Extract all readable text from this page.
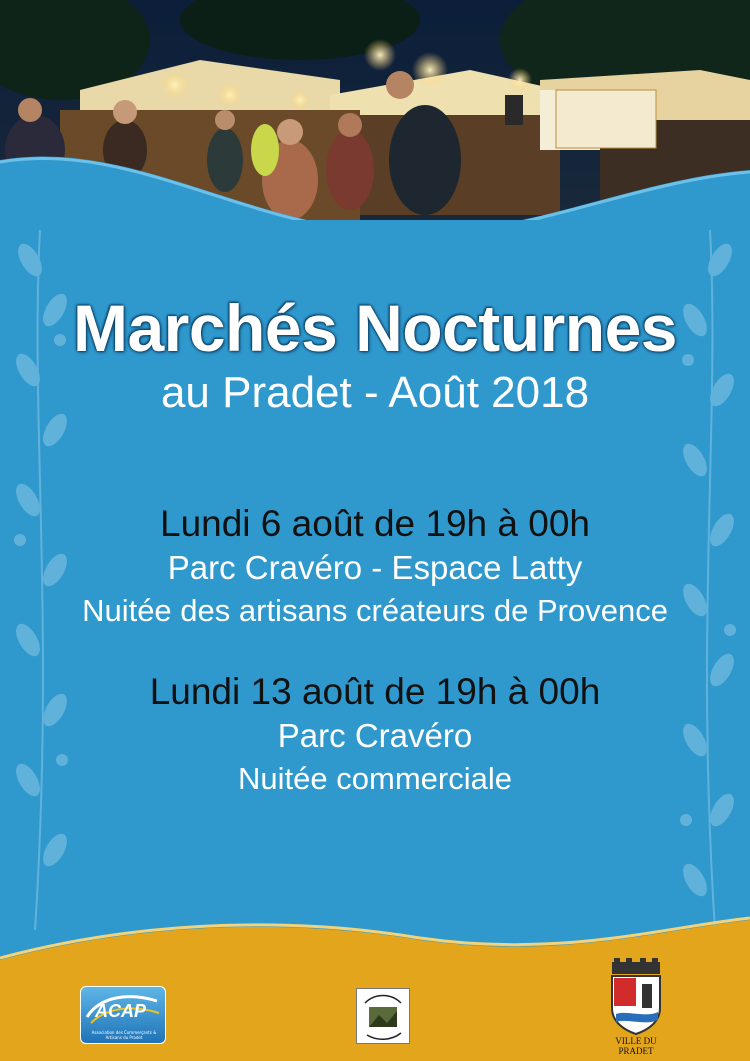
Marchés Nocturnes
au Pradet - Août 2018
Lundi 6 août de 19h à 00h
Parc Cravéro - Espace Latty
Nuitée des artisans créateurs de Provence
Lundi 13 août de 19h à 00h
Parc Cravéro
Nuitée commerciale
ACAP
Association des Commerçants & Artisans du Pradet	VILLE DU PRADET
